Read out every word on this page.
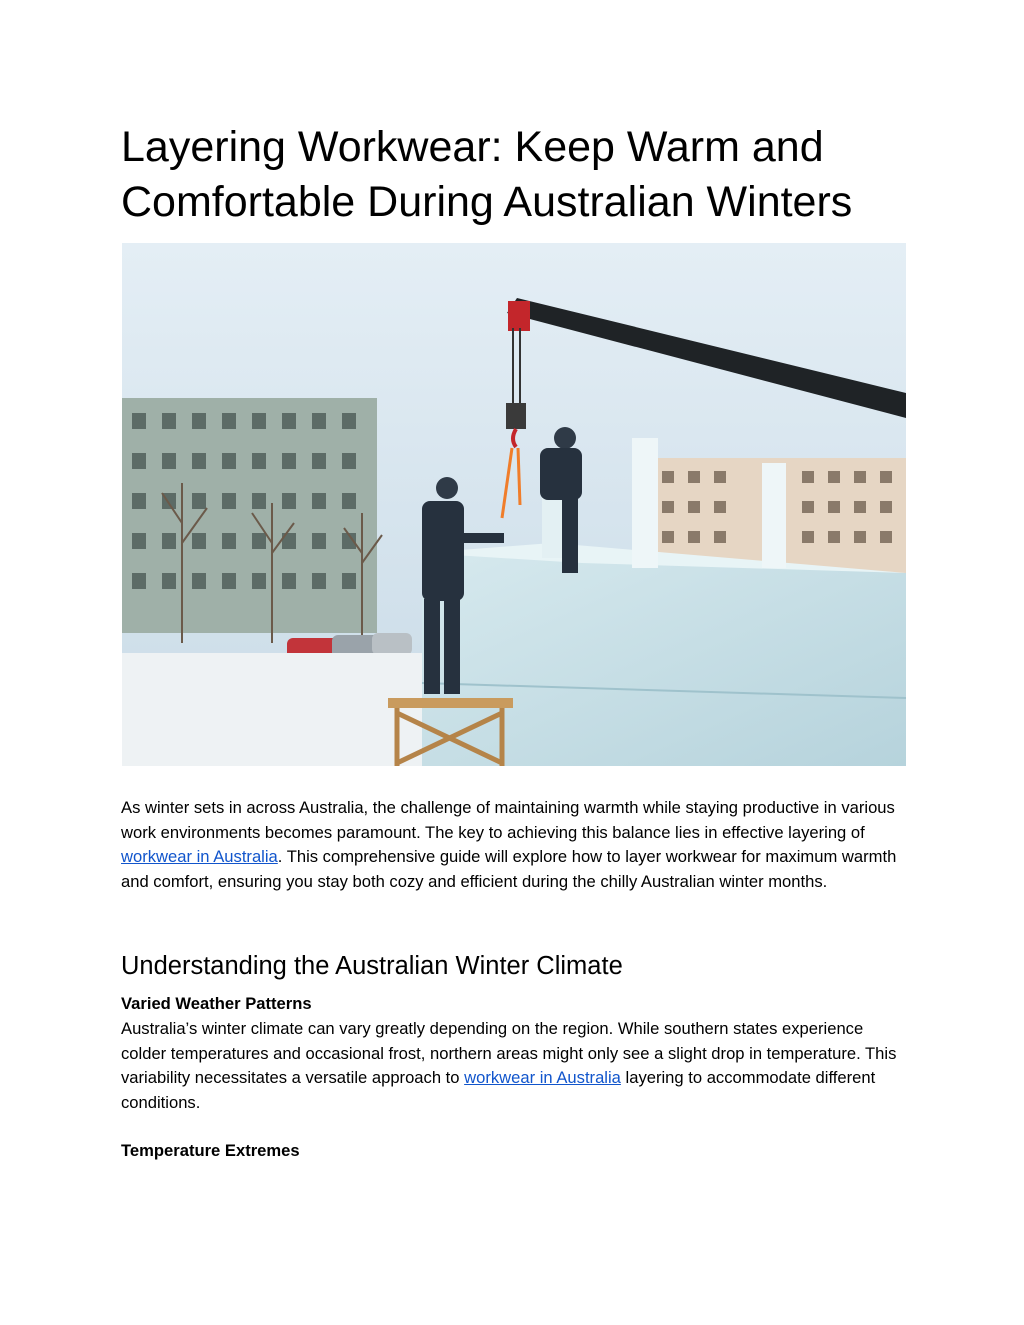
Layering Workwear: Keep Warm and Comfortable During Australian Winters

As winter sets in across Australia, the challenge of maintaining warmth while staying productive in various work environments becomes paramount. The key to achieving this balance lies in effective layering of workwear in Australia. This comprehensive guide will explore how to layer workwear for maximum warmth and comfort, ensuring you stay both cozy and efficient during the chilly Australian winter months.

Understanding the Australian Winter Climate
Varied Weather Patterns

Australia’s winter climate can vary greatly depending on the region. While southern states experience colder temperatures and occasional frost, northern areas might only see a slight drop in temperature. This variability necessitates a versatile approach to workwear in Australia layering to accommodate different conditions.

Temperature Extremes
